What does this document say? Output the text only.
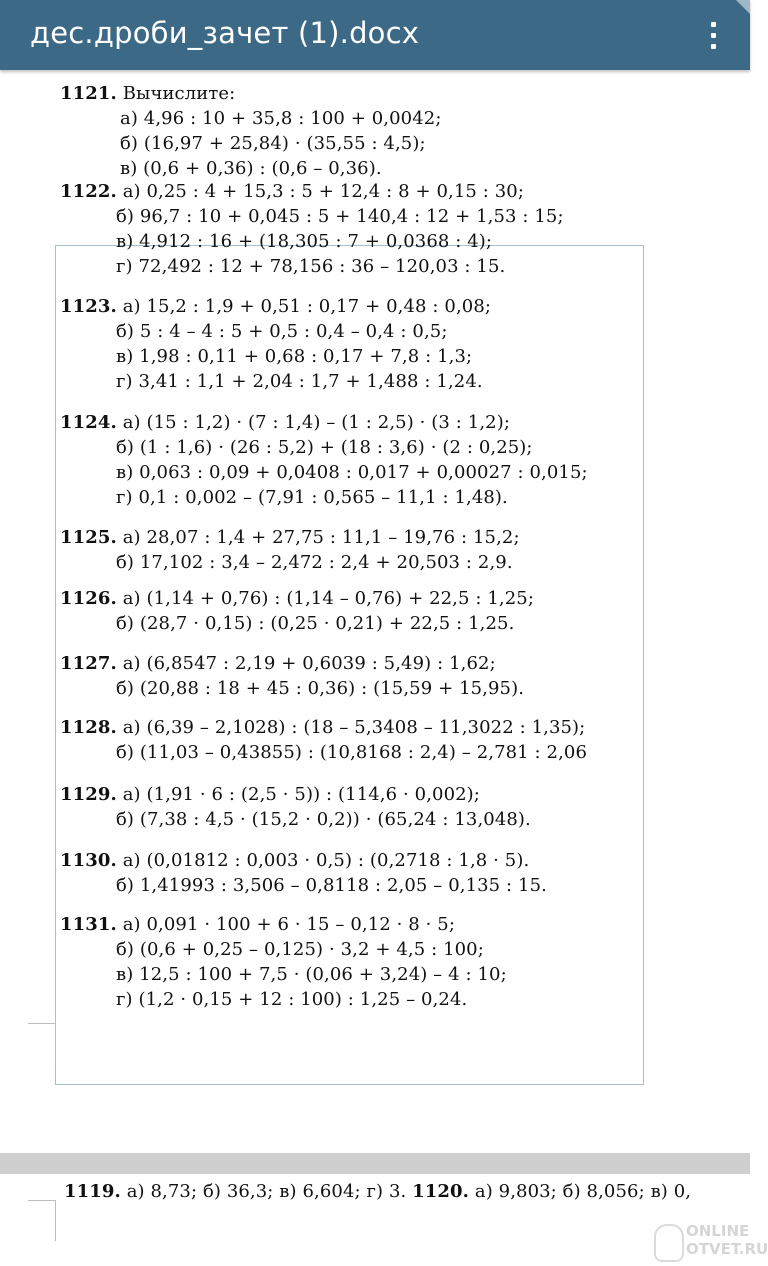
дес.дроби_зачет (1).docx
1121. Вычислите:
а) 4,96 : 10 + 35,8 : 100 + 0,0042;
б) (16,97 + 25,84) · (35,55 : 4,5);
в) (0,6 + 0,36) : (0,6 – 0,36).
1122. а) 0,25 : 4 + 15,3 : 5 + 12,4 : 8 + 0,15 : 30;
б) 96,7 : 10 + 0,045 : 5 + 140,4 : 12 + 1,53 : 15;
в) 4,912 : 16 + (18,305 : 7 + 0,0368 : 4);
г) 72,492 : 12 + 78,156 : 36 – 120,03 : 15.
1123. а) 15,2 : 1,9 + 0,51 : 0,17 + 0,48 : 0,08;
б) 5 : 4 – 4 : 5 + 0,5 : 0,4 – 0,4 : 0,5;
в) 1,98 : 0,11 + 0,68 : 0,17 + 7,8 : 1,3;
г) 3,41 : 1,1 + 2,04 : 1,7 + 1,488 : 1,24.
1124. а) (15 : 1,2) · (7 : 1,4) – (1 : 2,5) · (3 : 1,2);
б) (1 : 1,6) · (26 : 5,2) + (18 : 3,6) · (2 : 0,25);
в) 0,063 : 0,09 + 0,0408 : 0,017 + 0,00027 : 0,015;
г) 0,1 : 0,002 – (7,91 : 0,565 – 11,1 : 1,48).
1125. а) 28,07 : 1,4 + 27,75 : 11,1 – 19,76 : 15,2;
б) 17,102 : 3,4 – 2,472 : 2,4 + 20,503 : 2,9.
1126. а) (1,14 + 0,76) : (1,14 – 0,76) + 22,5 : 1,25;
б) (28,7 · 0,15) : (0,25 · 0,21) + 22,5 : 1,25.
1127. а) (6,8547 : 2,19 + 0,6039 : 5,49) : 1,62;
б) (20,88 : 18 + 45 : 0,36) : (15,59 + 15,95).
1128. а) (6,39 – 2,1028) : (18 – 5,3408 – 11,3022 : 1,35);
б) (11,03 – 0,43855) : (10,8168 : 2,4) – 2,781 : 2,06
1129. а) (1,91 · 6 : (2,5 · 5)) : (114,6 · 0,002);
б) (7,38 : 4,5 · (15,2 · 0,2)) · (65,24 : 13,048).
1130. а) (0,01812 : 0,003 · 0,5) : (0,2718 : 1,8 · 5).
б) 1,41993 : 3,506 – 0,8118 : 2,05 – 0,135 : 15.
1131. а) 0,091 · 100 + 6 · 15 – 0,12 · 8 · 5;
б) (0,6 + 0,25 – 0,125) · 3,2 + 4,5 : 100;
в) 12,5 : 100 + 7,5 · (0,06 + 3,24) – 4 : 10;
г) (1,2 · 0,15 + 12 : 100) : 1,25 – 0,24.
1119. а) 8,73; б) 36,3; в) 6,604; г) 3. 1120. а) 9,803; б) 8,056; в) 0,
ONLINE
OTVET.RU
